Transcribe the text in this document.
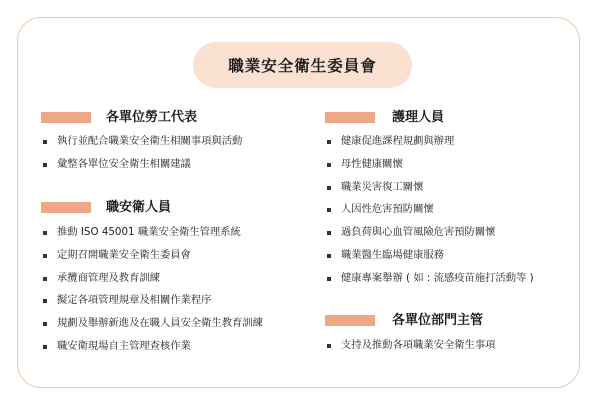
職業安全衛生委員會
各單位勞工代表
執行並配合職業安全衛生相關事項與活動
彙整各單位安全衛生相關建議
職安衛人員
推動 ISO 45001 職業安全衛生管理系統
定期召開職業安全衛生委員會
承攬商管理及教育訓練
擬定各項管理規章及相關作業程序
規劃及舉辦新進及在職人員安全衛生教育訓練
職安衛現場自主管理查核作業
護理人員
健康促進課程規劃與辦理
母性健康關懷
職業災害復工關懷
人因性危害預防關懷
過負荷與心血管風險危害預防關懷
職業醫生臨場健康服務
健康專案舉辦 ( 如 : 流感疫苗施打活動等 )
各單位部門主管
支持及推動各項職業安全衛生事項
